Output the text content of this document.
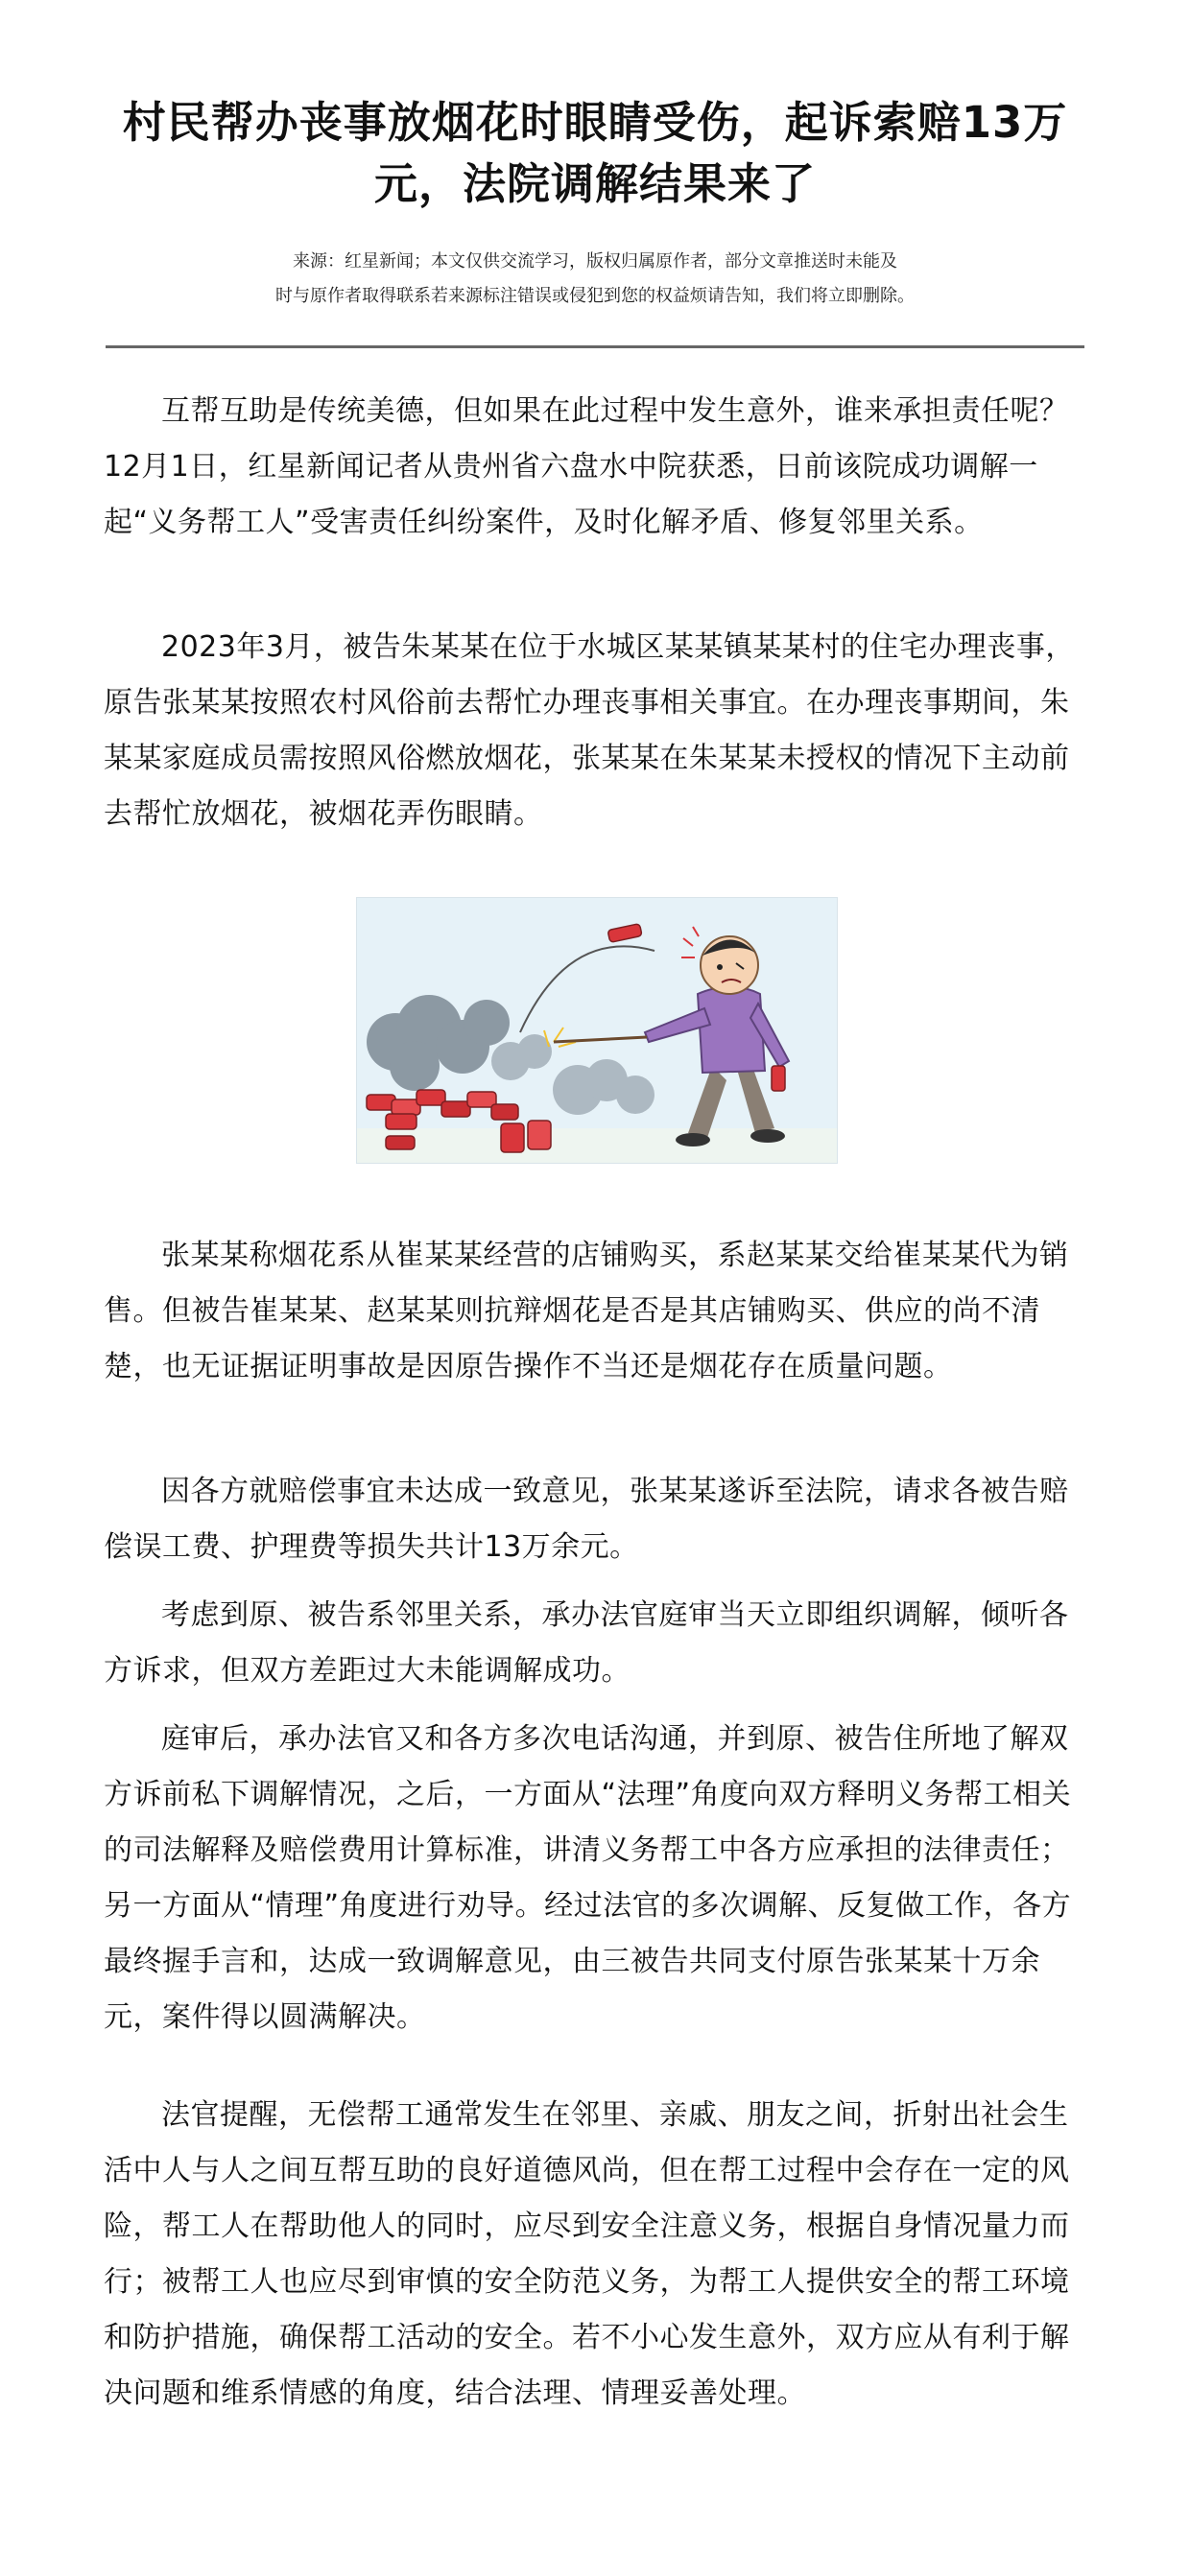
村民帮办丧事放烟花时眼睛受伤，起诉索赔13万元，法院调解结果来了
来源：红星新闻；本文仅供交流学习，版权归属原作者，部分文章推送时未能及
时与原作者取得联系若来源标注错误或侵犯到您的权益烦请告知，我们将立即删除。

互帮互助是传统美德，但如果在此过程中发生意外，谁来承担责任呢？12月1日，红星新闻记者从贵州省六盘水中院获悉，日前该院成功调解一起“义务帮工人”受害责任纠纷案件，及时化解矛盾、修复邻里关系。

2023年3月，被告朱某某在位于水城区某某镇某某村的住宅办理丧事，原告张某某按照农村风俗前去帮忙办理丧事相关事宜。在办理丧事期间，朱某某家庭成员需按照风俗燃放烟花，张某某在朱某某未授权的情况下主动前去帮忙放烟花，被烟花弄伤眼睛。

张某某称烟花系从崔某某经营的店铺购买，系赵某某交给崔某某代为销售。但被告崔某某、赵某某则抗辩烟花是否是其店铺购买、供应的尚不清楚，也无证据证明事故是因原告操作不当还是烟花存在质量问题。

因各方就赔偿事宜未达成一致意见，张某某遂诉至法院，请求各被告赔偿误工费、护理费等损失共计13万余元。

考虑到原、被告系邻里关系，承办法官庭审当天立即组织调解，倾听各方诉求，但双方差距过大未能调解成功。

庭审后，承办法官又和各方多次电话沟通，并到原、被告住所地了解双方诉前私下调解情况，之后，一方面从“法理”角度向双方释明义务帮工相关的司法解释及赔偿费用计算标准，讲清义务帮工中各方应承担的法律责任；另一方面从“情理”角度进行劝导。经过法官的多次调解、反复做工作，各方最终握手言和，达成一致调解意见，由三被告共同支付原告张某某十万余元，案件得以圆满解决。

法官提醒，无偿帮工通常发生在邻里、亲戚、朋友之间，折射出社会生活中人与人之间互帮互助的良好道德风尚，但在帮工过程中会存在一定的风险，帮工人在帮助他人的同时，应尽到安全注意义务，根据自身情况量力而行；被帮工人也应尽到审慎的安全防范义务，为帮工人提供安全的帮工环境和防护措施，确保帮工活动的安全。若不小心发生意外，双方应从有利于解决问题和维系情感的角度，结合法理、情理妥善处理。
